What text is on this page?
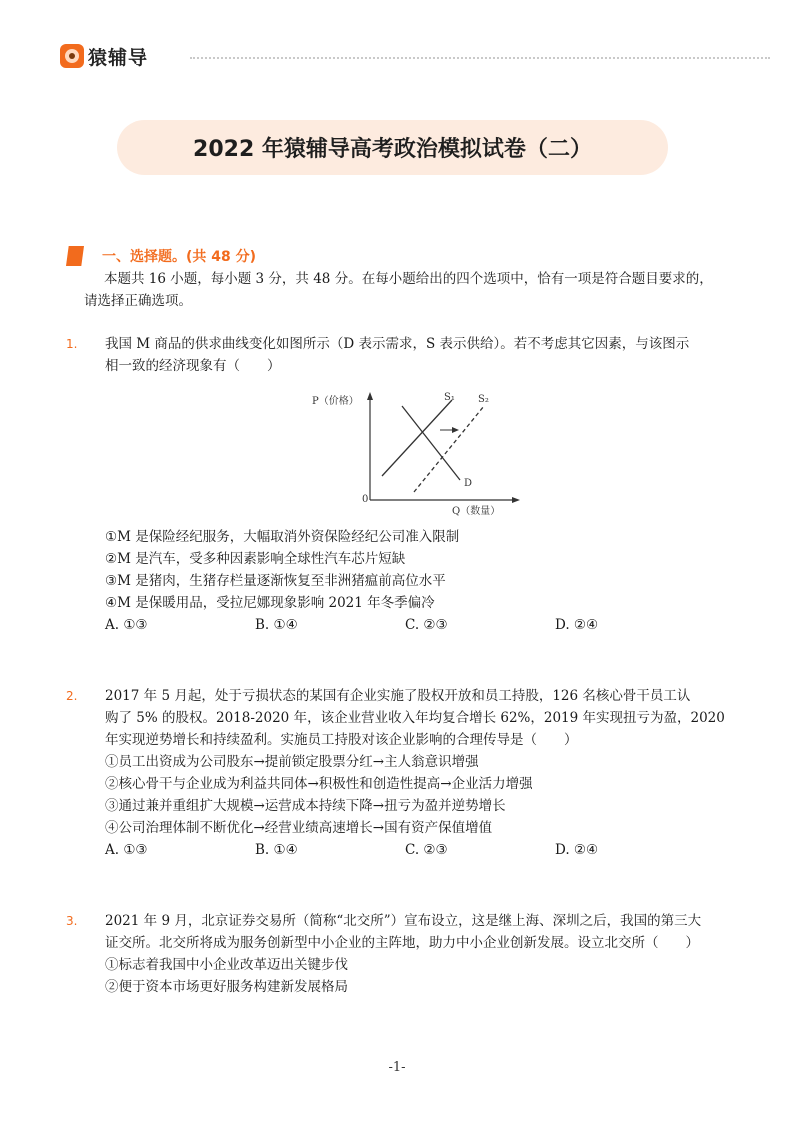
猿辅导
2022 年猿辅导高考政治模拟试卷（二）
一、选择题。(共 48 分)
本题共 16 小题，每小题 3 分，共 48 分。在每小题给出的四个选项中，恰有一项是符合题目要求的，
请选择正确选项。
1. 我国 M 商品的供求曲线变化如图所示（D 表示需求，S 表示供给）。若不考虑其它因素，与该图示
相一致的经济现象有（　　）

P（价格）
Q（数量）
0
S₁ S₂
D

①M 是保险经纪服务，大幅取消外资保险经纪公司准入限制

②M 是汽车，受多种因素影响全球性汽车芯片短缺

③M 是猪肉，生猪存栏量逐渐恢复至非洲猪瘟前高位水平

④M 是保暖用品，受拉尼娜现象影响 2021 年冬季偏冷

A. ①③	B. ①④	C. ②③	D. ②④
2. 2017 年 5 月起，处于亏损状态的某国有企业实施了股权开放和员工持股，126 名核心骨干员工认
购了 5% 的股权。2018-2020 年，该企业营业收入年均复合增长 62%，2019 年实现扭亏为盈，2020
年实现逆势增长和持续盈利。实施员工持股对该企业影响的合理传导是（　　）

①员工出资成为公司股东→提前锁定股票分红→主人翁意识增强

②核心骨干与企业成为利益共同体→积极性和创造性提高→企业活力增强

③通过兼并重组扩大规模→运营成本持续下降→扭亏为盈并逆势增长

④公司治理体制不断优化→经营业绩高速增长→国有资产保值增值

A. ①③	B. ①④	C. ②③	D. ②④
3. 2021 年 9 月，北京证券交易所（简称“北交所”）宣布设立，这是继上海、深圳之后，我国的第三大
证交所。北交所将成为服务创新型中小企业的主阵地，助力中小企业创新发展。设立北交所（　　）

①标志着我国中小企业改革迈出关键步伐

②便于资本市场更好服务构建新发展格局

-1-
